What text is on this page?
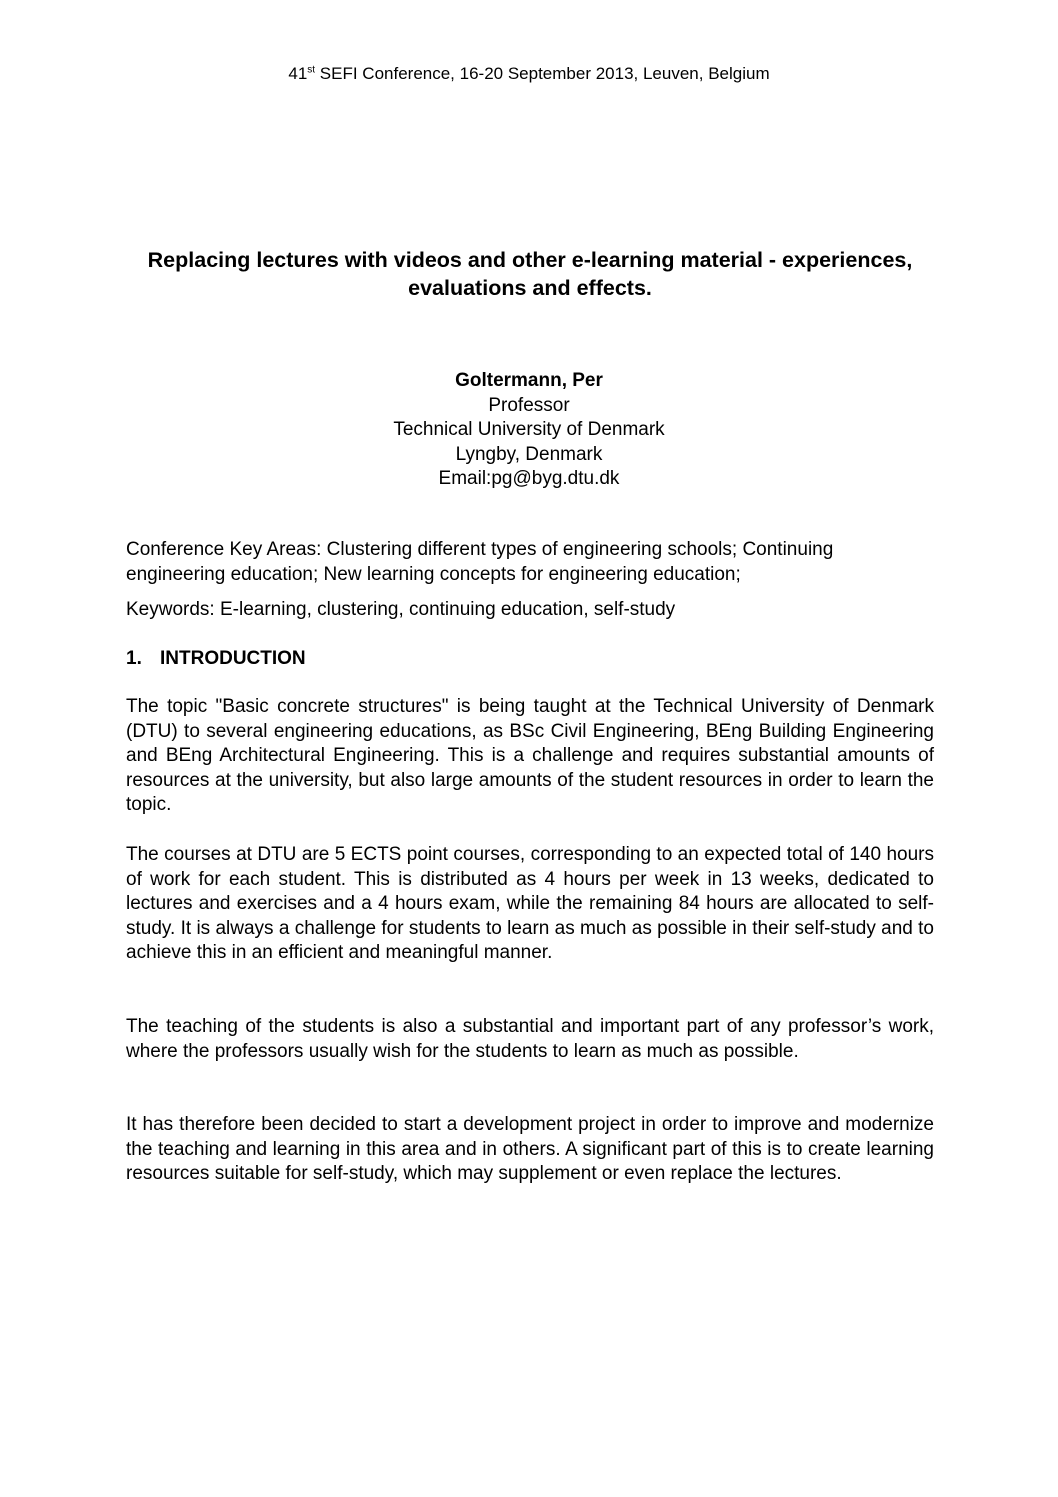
41st SEFI Conference, 16-20 September 2013, Leuven, Belgium
Replacing lectures with videos and other e-learning material - experiences, evaluations and effects.
Goltermann, Per
Professor
Technical University of Denmark
Lyngby, Denmark
Email:pg@byg.dtu.dk

Conference Key Areas: Clustering different types of engineering schools; Continuing engineering education; New learning concepts for engineering education;

Keywords: E-learning, clustering, continuing education, self-study

1. INTRODUCTION

The topic "Basic concrete structures" is being taught at the Technical University of Denmark (DTU) to several engineering educations, as BSc Civil Engineering, BEng Building Engineering and BEng Architectural Engineering. This is a challenge and requires substantial amounts of resources at the university, but also large amounts of the student resources in order to learn the topic.

The courses at DTU are 5 ECTS point courses, corresponding to an expected total of 140 hours of work for each student. This is distributed as 4 hours per week in 13 weeks, dedicated to lectures and exercises and a 4 hours exam, while the remaining 84 hours are allocated to self-study. It is always a challenge for students to learn as much as possible in their self-study and to achieve this in an efficient and meaningful manner.

The teaching of the students is also a substantial and important part of any professor’s work, where the professors usually wish for the students to learn as much as possible.

It has therefore been decided to start a development project in order to improve and modernize the teaching and learning in this area and in others. A significant part of this is to create learning resources suitable for self-study, which may supplement or even replace the lectures.
